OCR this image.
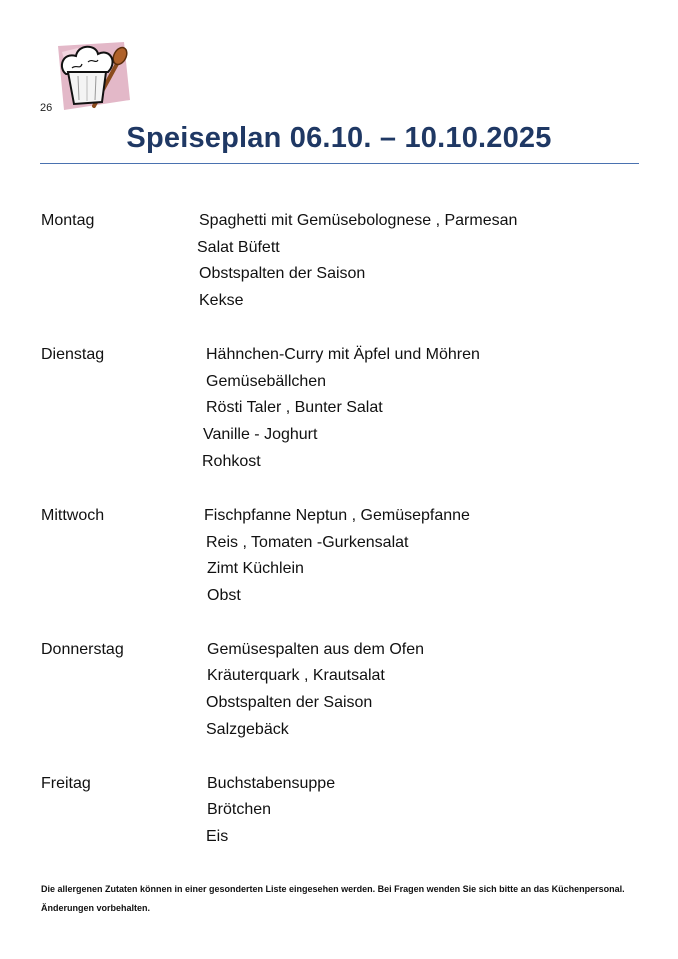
26
Speiseplan 06.10. – 10.10.2025
Montag	Spaghetti mit Gemüsebolognese , Parmesan
Salat Büfett
Obstspalten der Saison
Kekse
Dienstag	Hähnchen-Curry mit Äpfel und Möhren
Gemüsebällchen
Rösti Taler , Bunter Salat
Vanille - Joghurt
Rohkost
Mittwoch	Fischpfanne Neptun , Gemüsepfanne
Reis , Tomaten -Gurkensalat
Zimt Küchlein
Obst
Donnerstag	Gemüsespalten aus dem Ofen
Kräuterquark , Krautsalat
Obstspalten der Saison
Salzgebäck
Freitag	Buchstabensuppe
Brötchen
Eis
Die allergenen Zutaten können in einer gesonderten Liste eingesehen werden. Bei Fragen wenden Sie sich bitte an das Küchenpersonal.
Änderungen vorbehalten.
